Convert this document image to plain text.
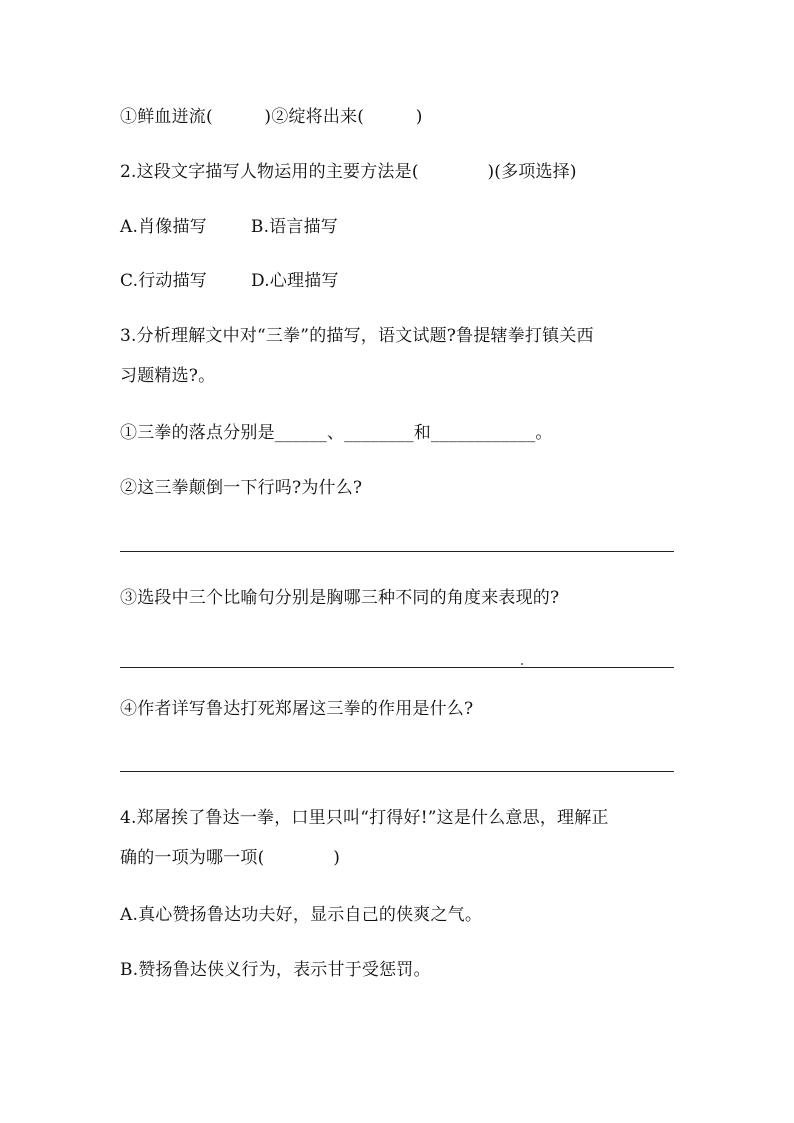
①鲜血迸流(　　　)②绽将出来(　　　)
2.这段文字描写人物运用的主要方法是(　　　　)(多项选择)
A.肖像描写	B.语言描写
C.行动描写	D.心理描写
3.分析理解文中对“三拳”的描写，语文试题?鲁提辖拳打镇关西
习题精选?。
①三拳的落点分别是______、________和____________。
②这三拳颠倒一下行吗?为什么?
③选段中三个比喻句分别是胸哪三种不同的角度来表现的?
④作者详写鲁达打死郑屠这三拳的作用是什么?
4.郑屠挨了鲁达一拳，口里只叫“打得好!”这是什么意思，理解正
确的一项为哪一项(　　　　)
A.真心赞扬鲁达功夫好，显示自己的侠爽之气。
B.赞扬鲁达侠义行为，表示甘于受惩罚。
